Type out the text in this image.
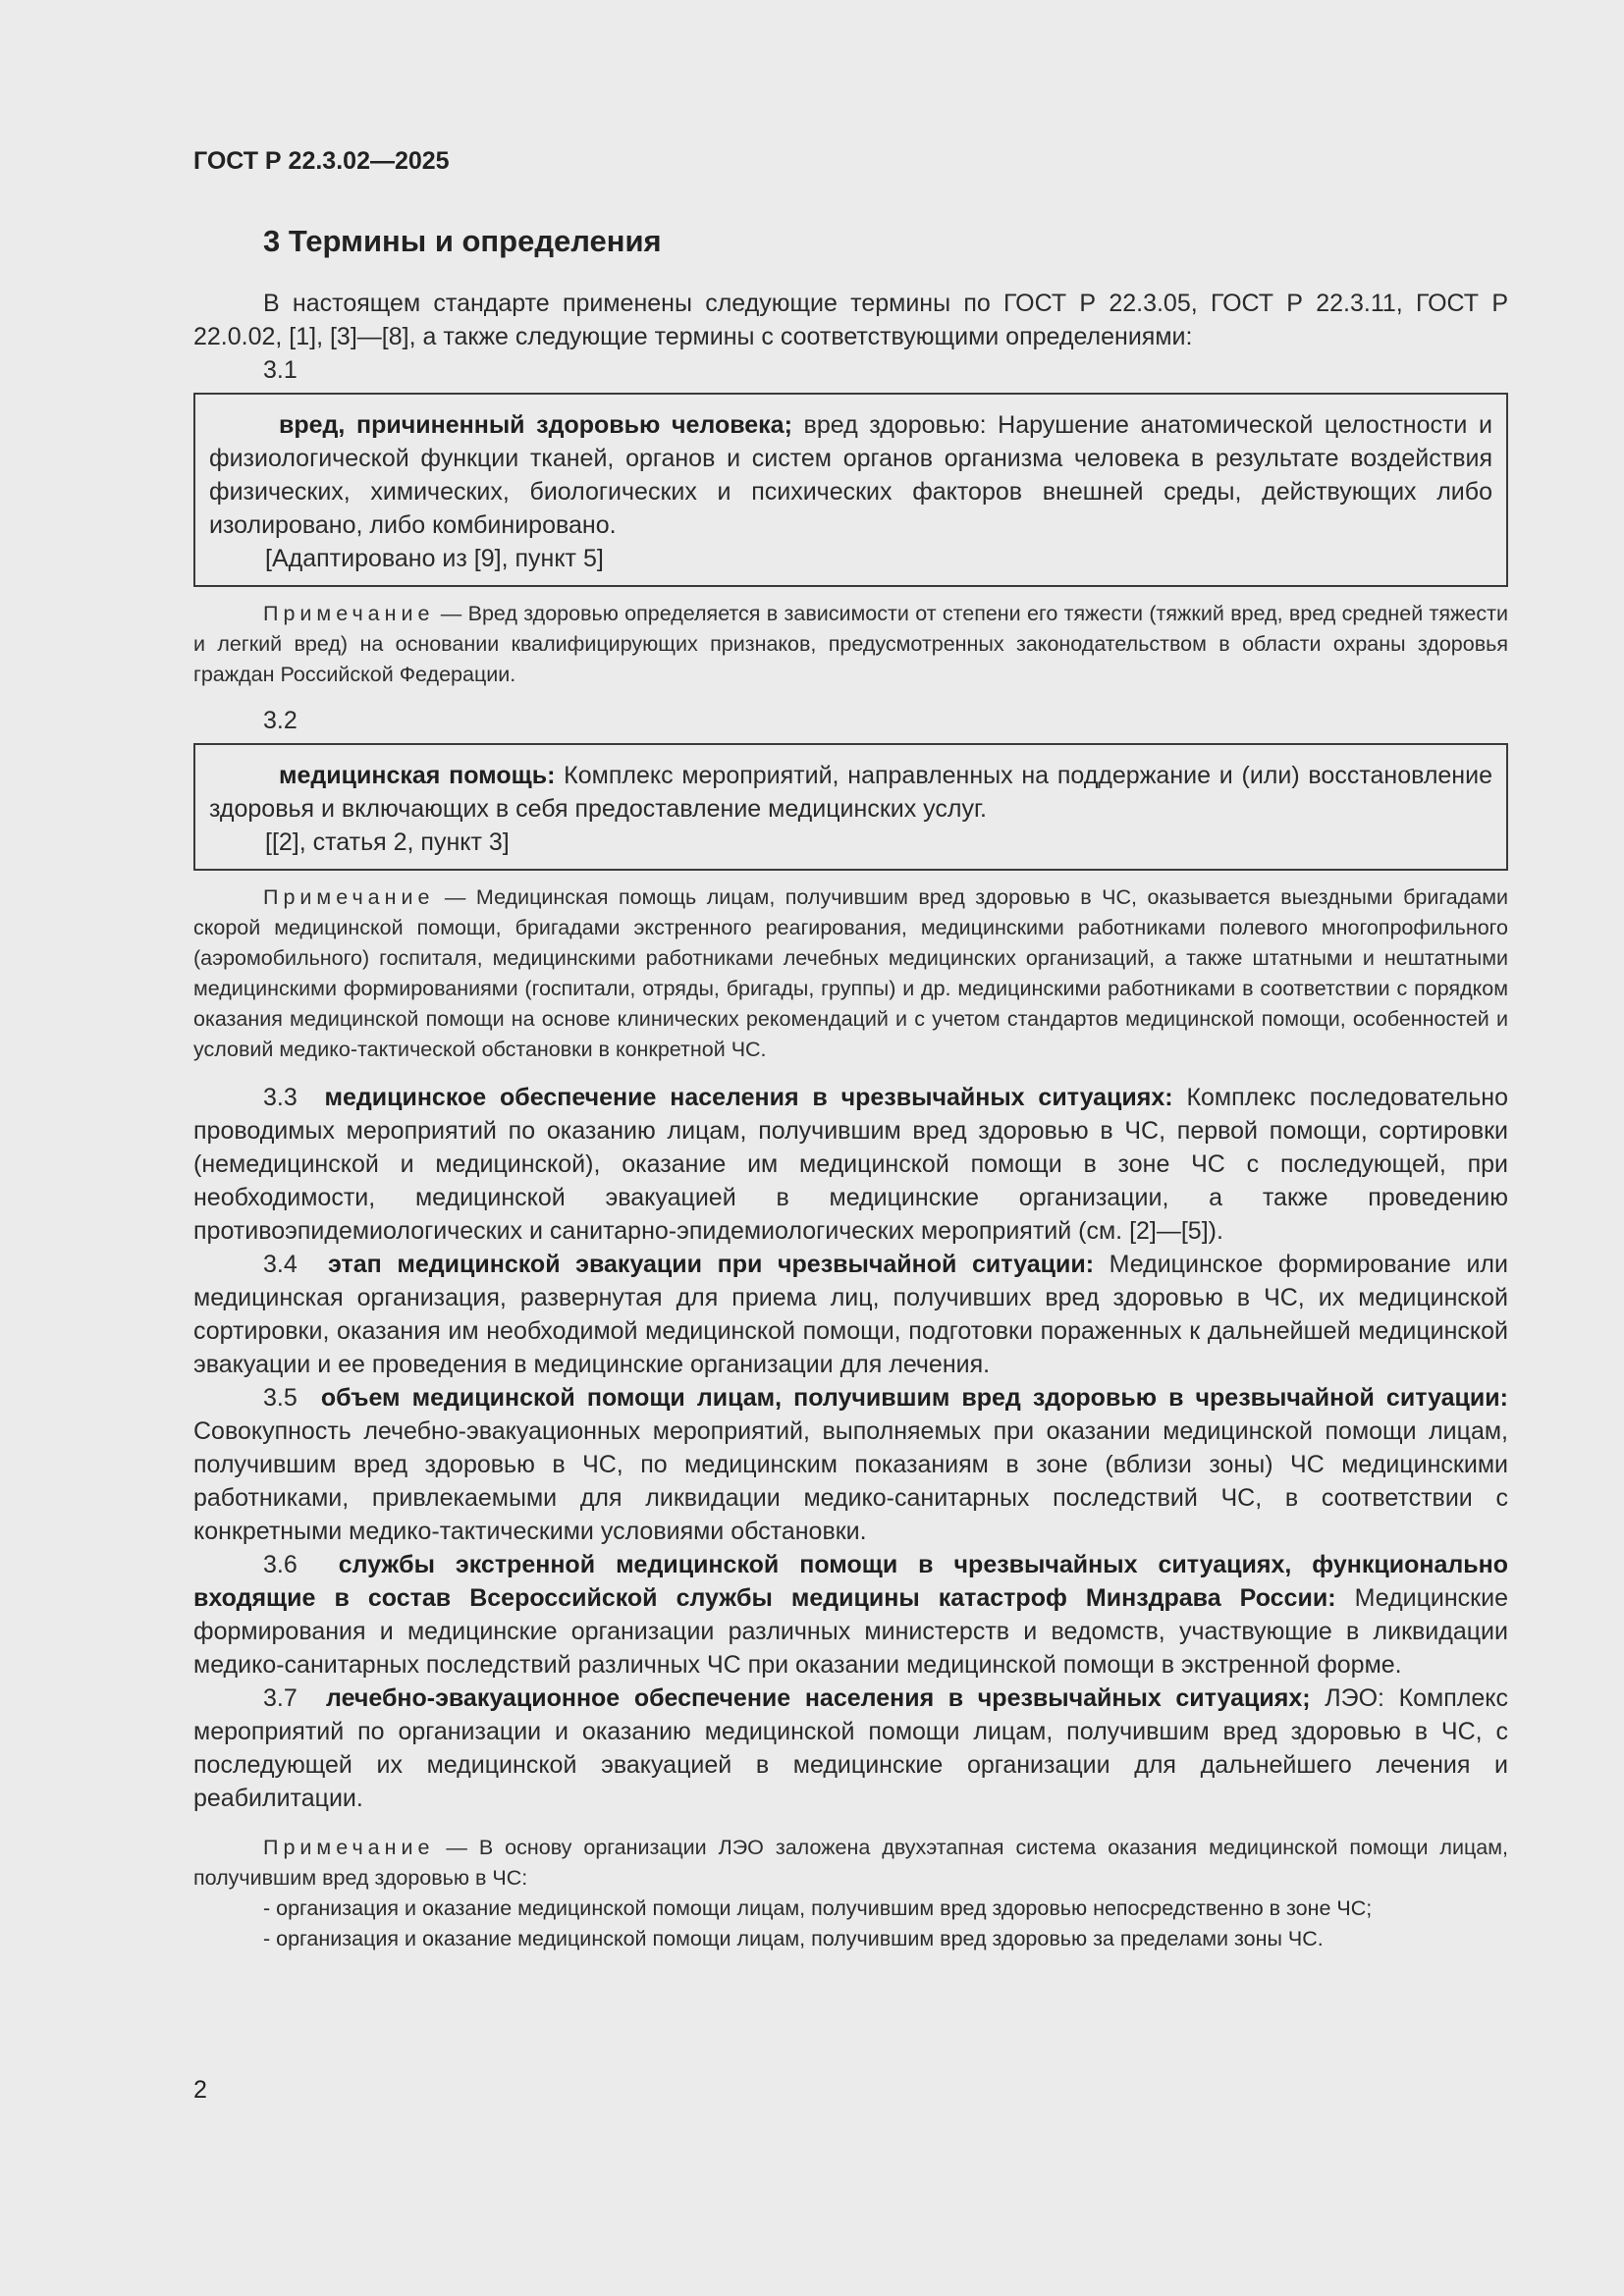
ГОСТ Р 22.3.02—2025
3 Термины и определения

В настоящем стандарте применены следующие термины по ГОСТ Р 22.3.05, ГОСТ Р 22.3.11, ГОСТ Р 22.0.02, [1], [3]—[8], а также следующие термины с соответствующими определениями:

3.1

вред, причиненный здоровью человека; вред здоровью: Нарушение анатомической целостности и физиологической функции тканей, органов и систем органов организма человека в результате воздействия физических, химических, биологических и психических факторов внешней среды, действующих либо изолировано, либо комбинировано.

[Адаптировано из [9], пункт 5]

Примечание — Вред здоровью определяется в зависимости от степени его тяжести (тяжкий вред, вред средней тяжести и легкий вред) на основании квалифицирующих признаков, предусмотренных законодательством в области охраны здоровья граждан Российской Федерации.

3.2

медицинская помощь: Комплекс мероприятий, направленных на поддержание и (или) восстановление здоровья и включающих в себя предоставление медицинских услуг.

[[2], статья 2, пункт 3]

Примечание — Медицинская помощь лицам, получившим вред здоровью в ЧС, оказывается выездными бригадами скорой медицинской помощи, бригадами экстренного реагирования, медицинскими работниками полевого многопрофильного (аэромобильного) госпиталя, медицинскими работниками лечебных медицинских организаций, а также штатными и нештатными медицинскими формированиями (госпитали, отряды, бригады, группы) и др. медицинскими работниками в соответствии с порядком оказания медицинской помощи на основе клинических рекомендаций и с учетом стандартов медицинской помощи, особенностей и условий медико-тактической обстановки в конкретной ЧС.

3.3 медицинское обеспечение населения в чрезвычайных ситуациях: Комплекс последовательно проводимых мероприятий по оказанию лицам, получившим вред здоровью в ЧС, первой помощи, сортировки (немедицинской и медицинской), оказание им медицинской помощи в зоне ЧС с последующей, при необходимости, медицинской эвакуацией в медицинские организации, а также проведению противоэпидемиологических и санитарно-эпидемиологических мероприятий (см. [2]—[5]).

3.4 этап медицинской эвакуации при чрезвычайной ситуации: Медицинское формирование или медицинская организация, развернутая для приема лиц, получивших вред здоровью в ЧС, их медицинской сортировки, оказания им необходимой медицинской помощи, подготовки пораженных к дальнейшей медицинской эвакуации и ее проведения в медицинские организации для лечения.

3.5 объем медицинской помощи лицам, получившим вред здоровью в чрезвычайной ситуации: Совокупность лечебно-эвакуационных мероприятий, выполняемых при оказании медицинской помощи лицам, получившим вред здоровью в ЧС, по медицинским показаниям в зоне (вблизи зоны) ЧС медицинскими работниками, привлекаемыми для ликвидации медико-санитарных последствий ЧС, в соответствии с конкретными медико-тактическими условиями обстановки.

3.6 службы экстренной медицинской помощи в чрезвычайных ситуациях, функционально входящие в состав Всероссийской службы медицины катастроф Минздрава России: Медицинские формирования и медицинские организации различных министерств и ведомств, участвующие в ликвидации медико-санитарных последствий различных ЧС при оказании медицинской помощи в экстренной форме.

3.7 лечебно-эвакуационное обеспечение населения в чрезвычайных ситуациях; ЛЭО: Комплекс мероприятий по организации и оказанию медицинской помощи лицам, получившим вред здоровью в ЧС, с последующей их медицинской эвакуацией в медицинские организации для дальнейшего лечения и реабилитации.

Примечание — В основу организации ЛЭО заложена двухэтапная система оказания медицинской помощи лицам, получившим вред здоровью в ЧС:

- организация и оказание медицинской помощи лицам, получившим вред здоровью непосредственно в зоне ЧС;

- организация и оказание медицинской помощи лицам, получившим вред здоровью за пределами зоны ЧС.

2
